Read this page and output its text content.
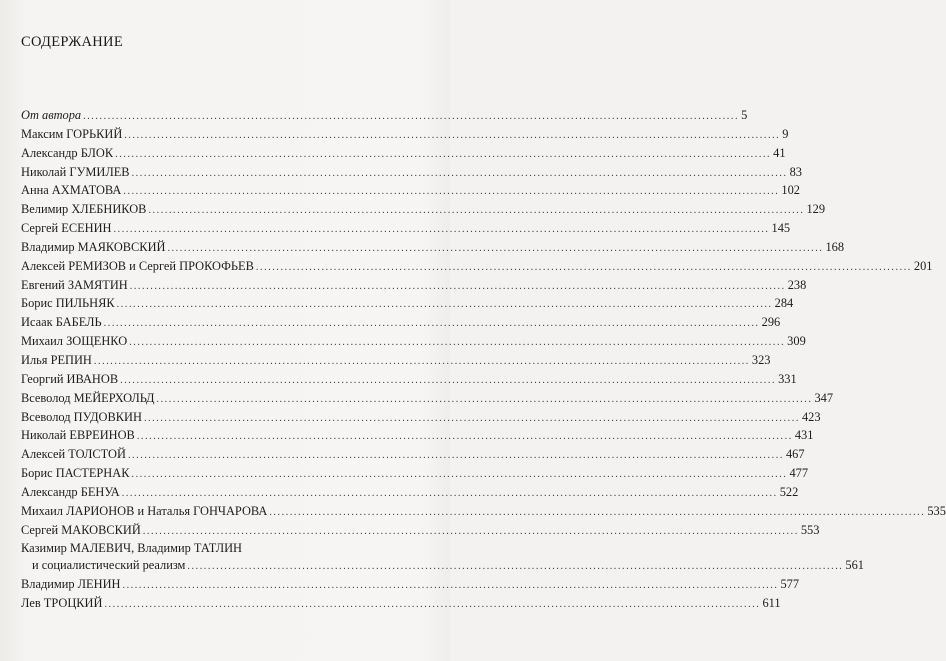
СОДЕРЖАНИЕ
От автора ................................................................................................................................................................ 5
Максим ГОРЬКИЙ ................................................................................................................................................................ 9
Александр БЛОК ................................................................................................................................................................ 41
Николай ГУМИЛЕВ ................................................................................................................................................................ 83
Анна АХМАТОВА ................................................................................................................................................................ 102
Велимир ХЛЕБНИКОВ ................................................................................................................................................................ 129
Сергей ЕСЕНИН ................................................................................................................................................................ 145
Владимир МАЯКОВСКИЙ ................................................................................................................................................................ 168
Алексей РЕМИЗОВ и Сергей ПРОКОФЬЕВ ................................................................................................................................................................ 201
Евгений ЗАМЯТИН ................................................................................................................................................................ 238
Борис ПИЛЬНЯК ................................................................................................................................................................ 284
Исаак БАБЕЛЬ ................................................................................................................................................................ 296
Михаил ЗОЩЕНКО ................................................................................................................................................................ 309
Илья РЕПИН ................................................................................................................................................................ 323
Георгий ИВАНОВ ................................................................................................................................................................ 331
Всеволод МЕЙЕРХОЛЬД ................................................................................................................................................................ 347
Всеволод ПУДОВКИН ................................................................................................................................................................ 423
Николай ЕВРЕИНОВ ................................................................................................................................................................ 431
Алексей ТОЛСТОЙ ................................................................................................................................................................ 467
Борис ПАСТЕРНАК ................................................................................................................................................................ 477
Александр БЕНУА ................................................................................................................................................................ 522
Михаил ЛАРИОНОВ и Наталья ГОНЧАРОВА ................................................................................................................................................................ 535
Сергей МАКОВСКИЙ ................................................................................................................................................................ 553
Казимир МАЛЕВИЧ, Владимир ТАТЛИН
и социалистический реализм ................................................................................................................................................................ 561
Владимир ЛЕНИН ................................................................................................................................................................ 577
Лев ТРОЦКИЙ ................................................................................................................................................................ 611
